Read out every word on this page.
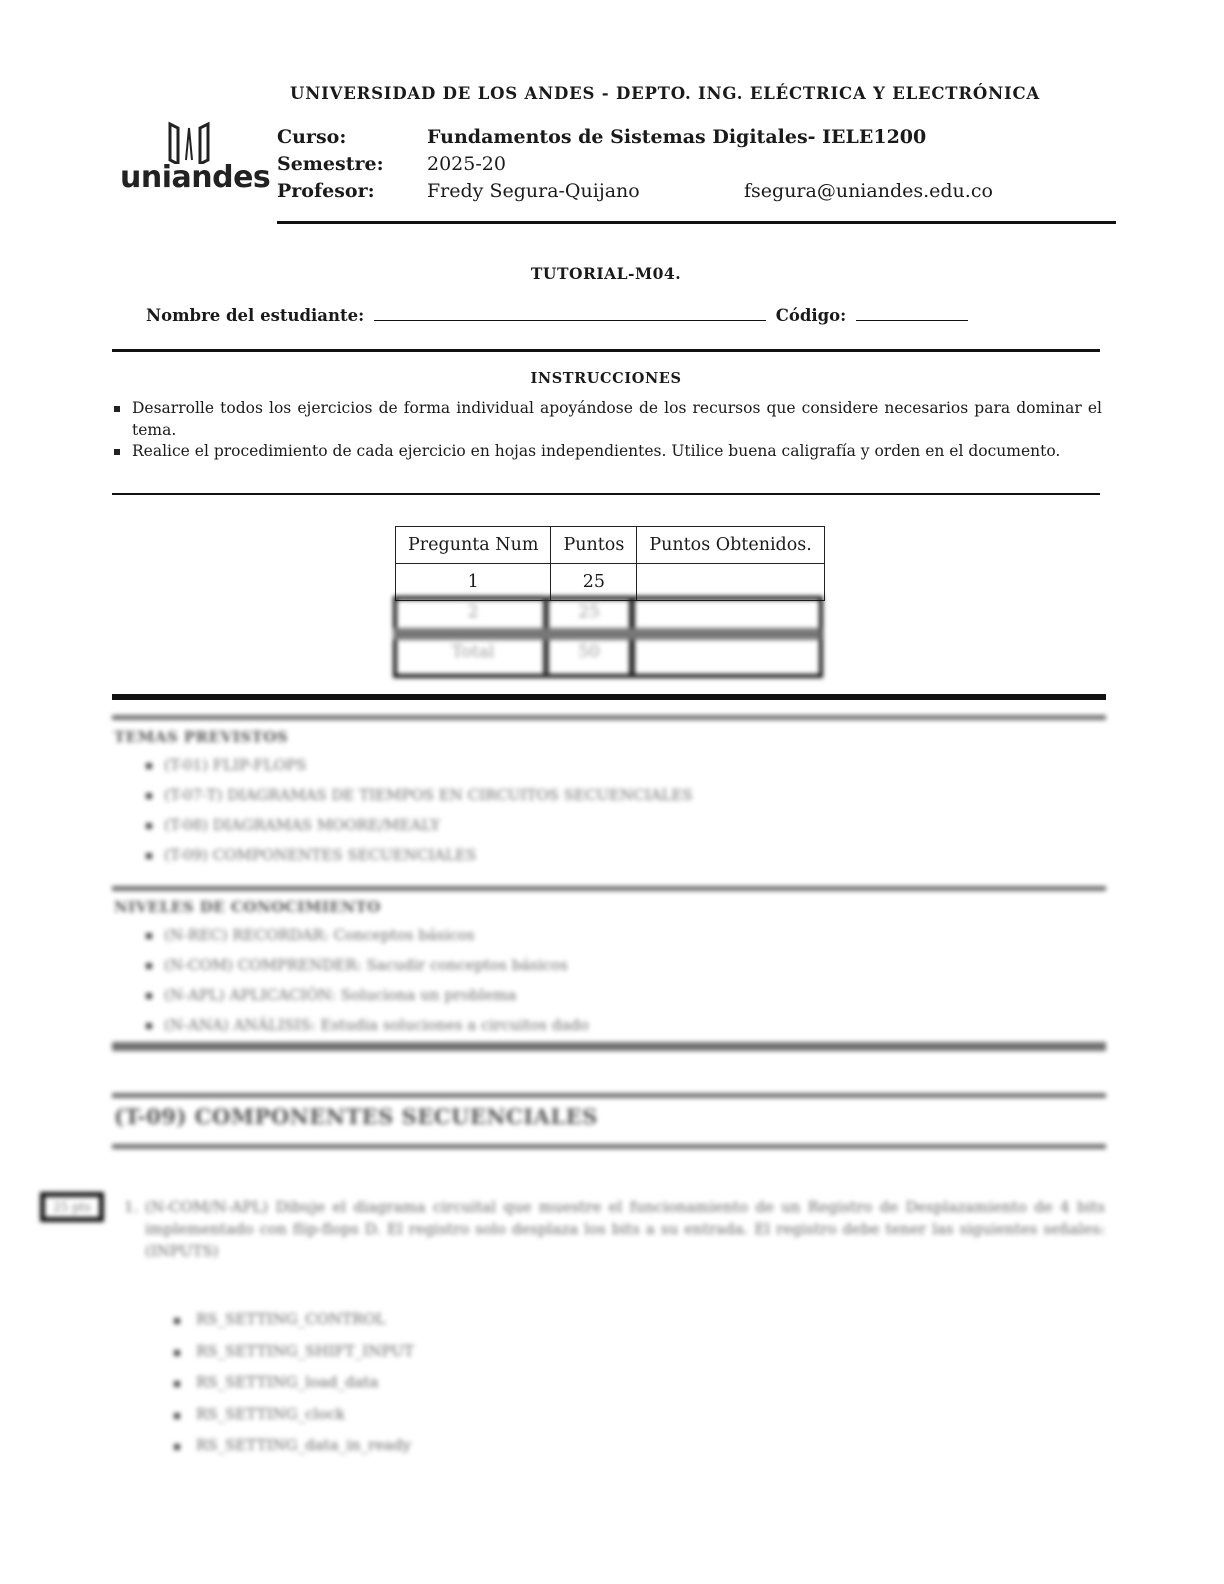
UNIVERSIDAD DE LOS ANDES - DEPTO. ING. ELÉCTRICA Y ELECTRÓNICA
uniandes
Curso:	Fundamentos de Sistemas Digitales- IELE1200
Semestre: 2025-20
Profesor:	Fredy Segura-Quijano	fsegura@uniandes.edu.co
TUTORIAL-M04.
Nombre del estudiante:	Código:
INSTRUCCIONES
Desarrolle todos los ejercicios de forma individual apoyándose de los recursos que considere necesarios para dominar el tema.
Realice el procedimiento de cada ejercicio en hojas independientes. Utilice buena caligrafía y orden en el documento.
Pregunta Num	Puntos	Puntos Obtenidos.
1	25	
2	25
Total	50
TEMAS PREVISTOS
(T-01) FLIP-FLOPS
(T-07-T) DIAGRAMAS DE TIEMPOS EN CIRCUITOS SECUENCIALES
(T-08) DIAGRAMAS MOORE/MEALY
(T-09) COMPONENTES SECUENCIALES
NIVELES DE CONOCIMIENTO
(N-REC) RECORDAR: Conceptos básicos
(N-COM) COMPRENDER: Sacudir conceptos básicos
(N-APL) APLICACIÓN: Soluciona un problema
(N-ANA) ANÁLISIS: Estudia soluciones a circuitos dado
(T-09) COMPONENTES SECUENCIALES
25 pts	1. (N-COM/N-APL) Dibuje el diagrama circuital que muestre el funcionamiento de un Registro de Desplazamiento de 4 bits implementado con flip-flops D. El registro solo desplaza los bits a su entrada. El registro debe tener las siguientes señales: (INPUTS)
RS_SETTING_CONTROL
RS_SETTING_SHIFT_INPUT
RS_SETTING_load_data
RS_SETTING_clock
RS_SETTING_data_in_ready
